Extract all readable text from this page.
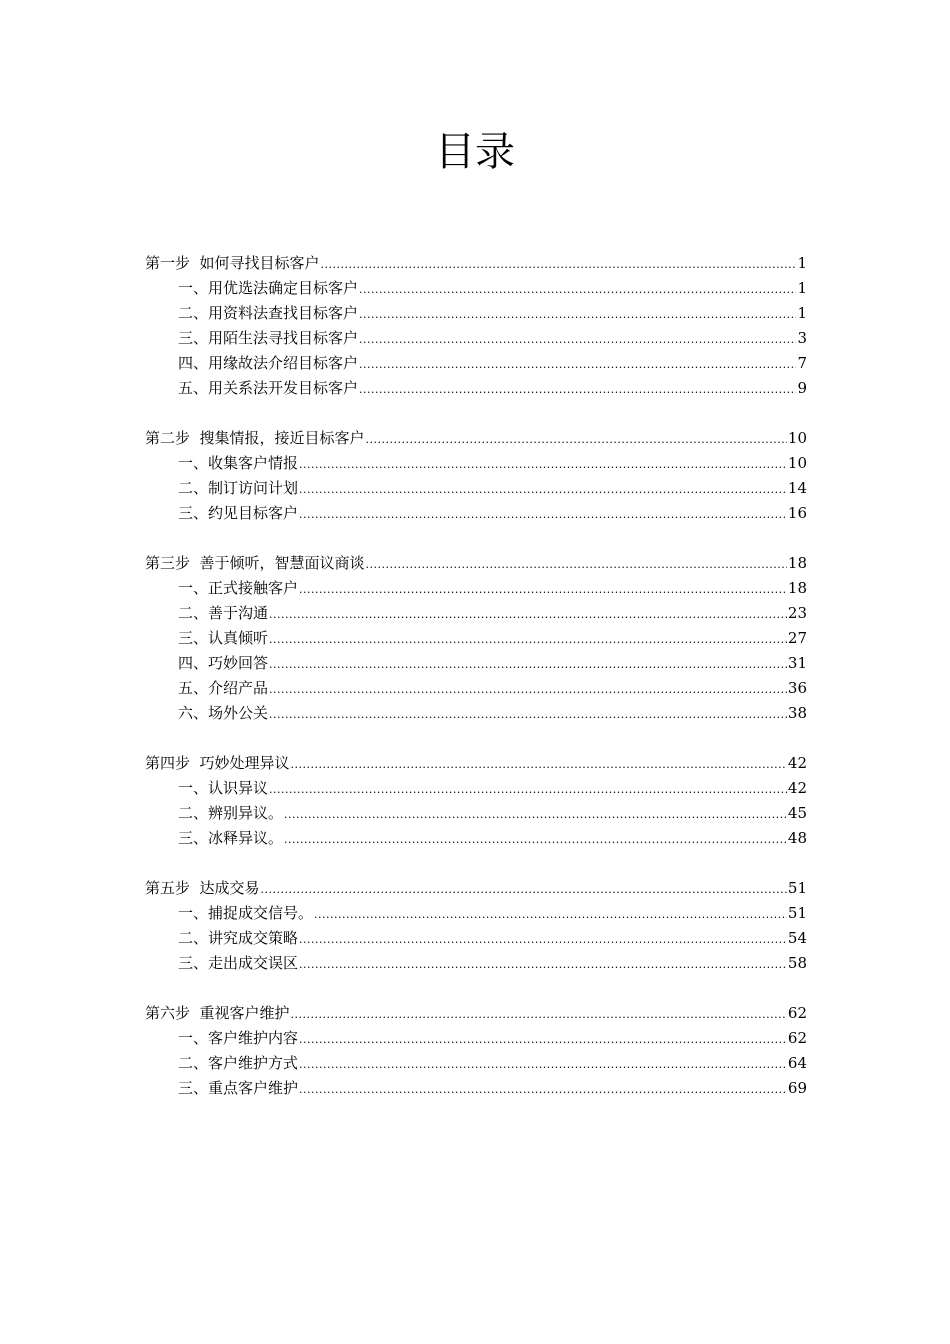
目录
第一步  如何寻找目标客户 .....	1
一、用优选法确定目标客户 .....	1
二、用资料法查找目标客户 .....	1
三、用陌生法寻找目标客户 .....	3
四、用缘故法介绍目标客户 .....	7
五、用关系法开发目标客户 .....	9
第二步  搜集情报，接近目标客户 .....	10
一、收集客户情报 .....	10
二、制订访问计划 .....	14
三、约见目标客户 .....	16
第三步  善于倾听，智慧面议商谈 .....	18
一、正式接触客户 .....	18
二、善于沟通 .....	23
三、认真倾听 .....	27
四、巧妙回答 .....	31
五、介绍产品 .....	36
六、场外公关 .....	38
第四步  巧妙处理异议 .....	42
一、认识异议 .....	42
二、辨别异议。 .....	45
三、冰释异议。 .....	48
第五步  达成交易 .....	51
一、捕捉成交信号。 .....	51
二、讲究成交策略 .....	54
三、走出成交误区 .....	58
第六步  重视客户维护 .....	62
一、客户维护内容 .....	62
二、客户维护方式 .....	64
三、重点客户维护 .....	69
